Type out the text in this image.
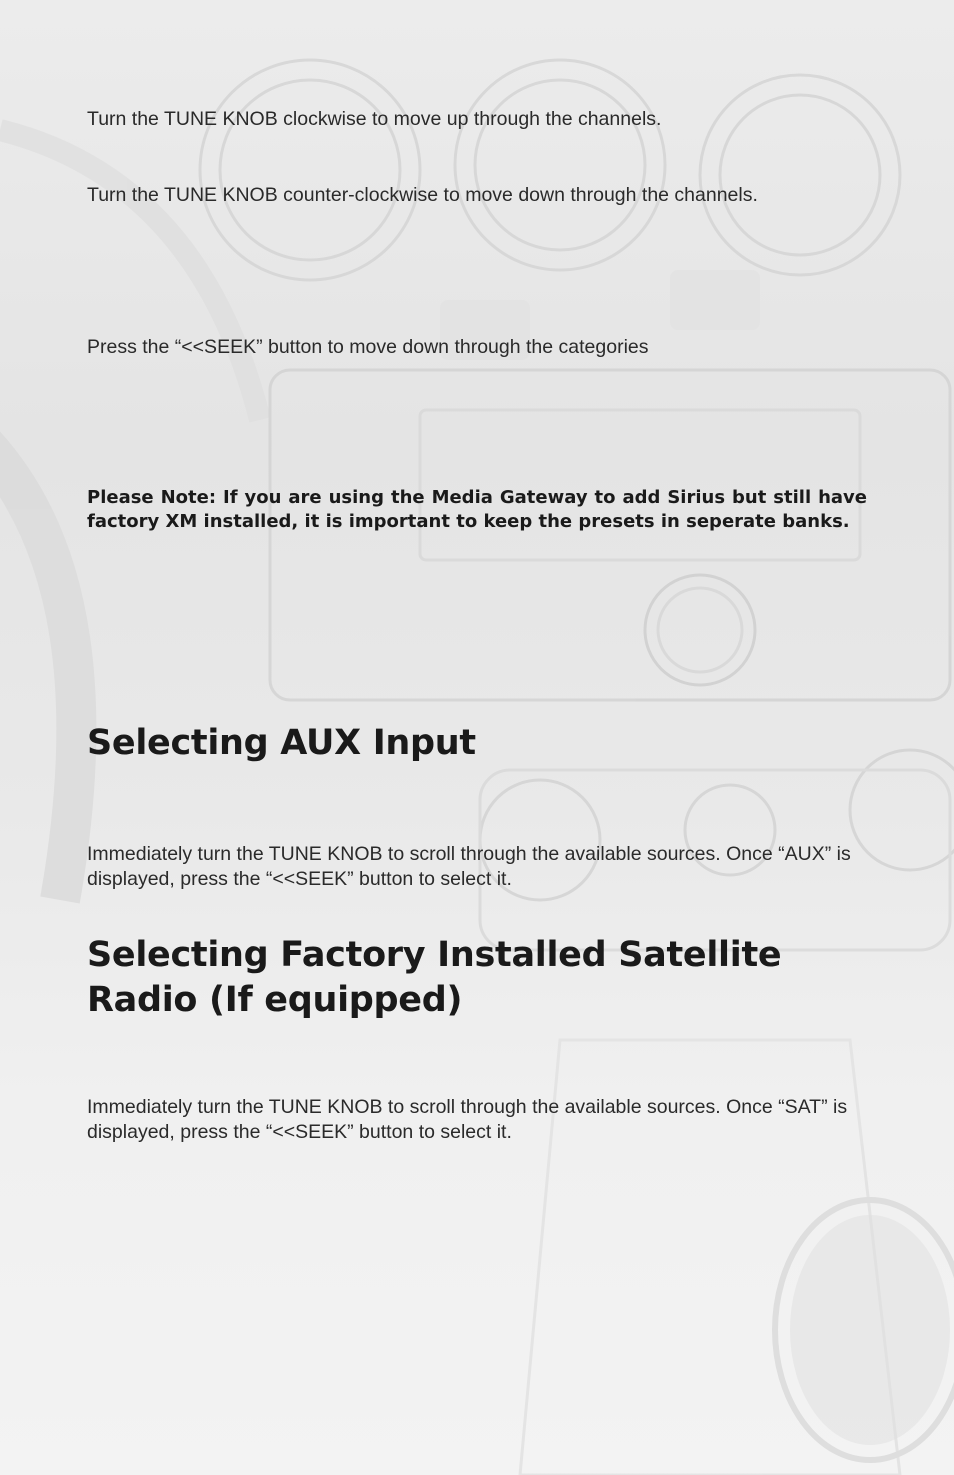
Turn the TUNE KNOB clockwise to move up through the channels.

Turn the TUNE KNOB counter-clockwise to move down through the channels.

Press the “<<SEEK” button to move down through the categories

Please Note: If you are using the Media Gateway to add Sirius but still have factory XM installed, it is important to keep the presets in seperate banks.

Selecting AUX Input

Immediately turn the TUNE KNOB to scroll through the available sources. Once “AUX” is displayed, press the “<<SEEK” button to select it.

Selecting Factory Installed Satellite Radio (If equipped)

Immediately turn the TUNE KNOB to scroll through the available sources. Once “SAT” is displayed, press the “<<SEEK” button to select it.
